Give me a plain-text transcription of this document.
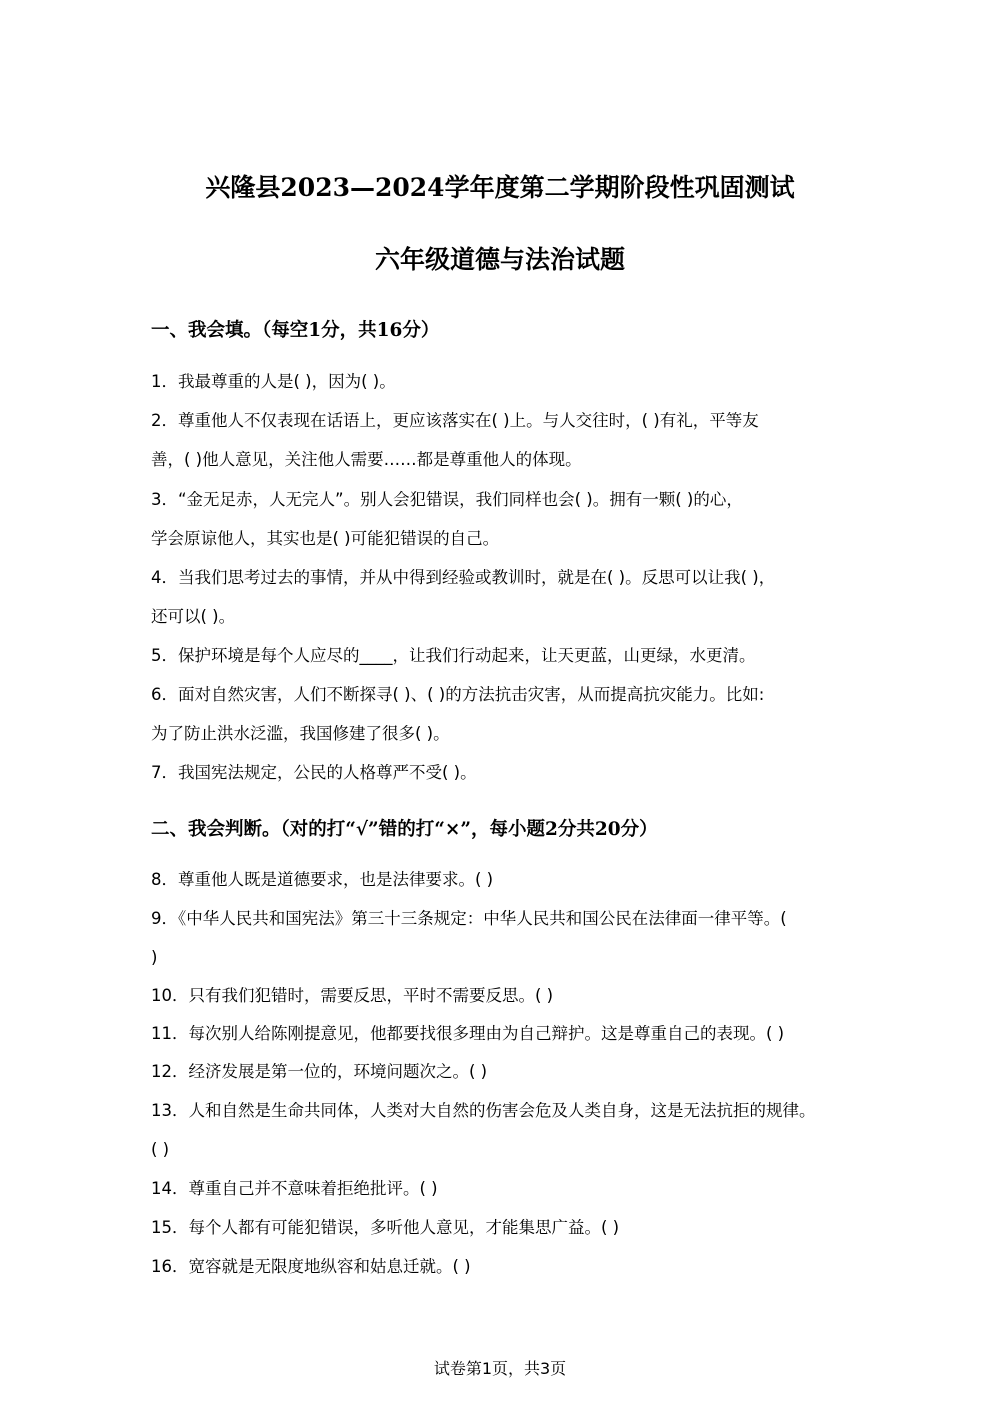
兴隆县2023—2024学年度第二学期阶段性巩固测试
六年级道德与法治试题
一、我会填。（每空1分，共16分）
1．我最尊重的人是( )，因为( )。
2．尊重他人不仅表现在话语上，更应该落实在( )上。与人交往时，( )有礼，平等友
善，( )他人意见，关注他人需要……都是尊重他人的体现。
3．“金无足赤，人无完人”。别人会犯错误，我们同样也会( )。拥有一颗( )的心，
学会原谅他人，其实也是( )可能犯错误的自己。
4．当我们思考过去的事情，并从中得到经验或教训时，就是在( )。反思可以让我( )，
还可以( )。
5．保护环境是每个人应尽的____，让我们行动起来，让天更蓝，山更绿，水更清。
6．面对自然灾害，人们不断探寻( )、( )的方法抗击灾害，从而提高抗灾能力。比如:
为了防止洪水泛滥，我国修建了很多( )。
7．我国宪法规定，公民的人格尊严不受( )。
二、我会判断。（对的打“√”错的打“×”，每小题2分共20分）
8．尊重他人既是道德要求，也是法律要求。( )
9．《中华人民共和国宪法》第三十三条规定：中华人民共和国公民在法律面一律平等。(
)
10．只有我们犯错时，需要反思，平时不需要反思。( )
11．每次别人给陈刚提意见，他都要找很多理由为自己辩护。这是尊重自己的表现。( )
12．经济发展是第一位的，环境问题次之。( )
13．人和自然是生命共同体，人类对大自然的伤害会危及人类自身，这是无法抗拒的规律。
( )
14．尊重自己并不意味着拒绝批评。( )
15．每个人都有可能犯错误，多听他人意见，才能集思广益。( )
16．宽容就是无限度地纵容和姑息迁就。( )
试卷第1页，共3页
